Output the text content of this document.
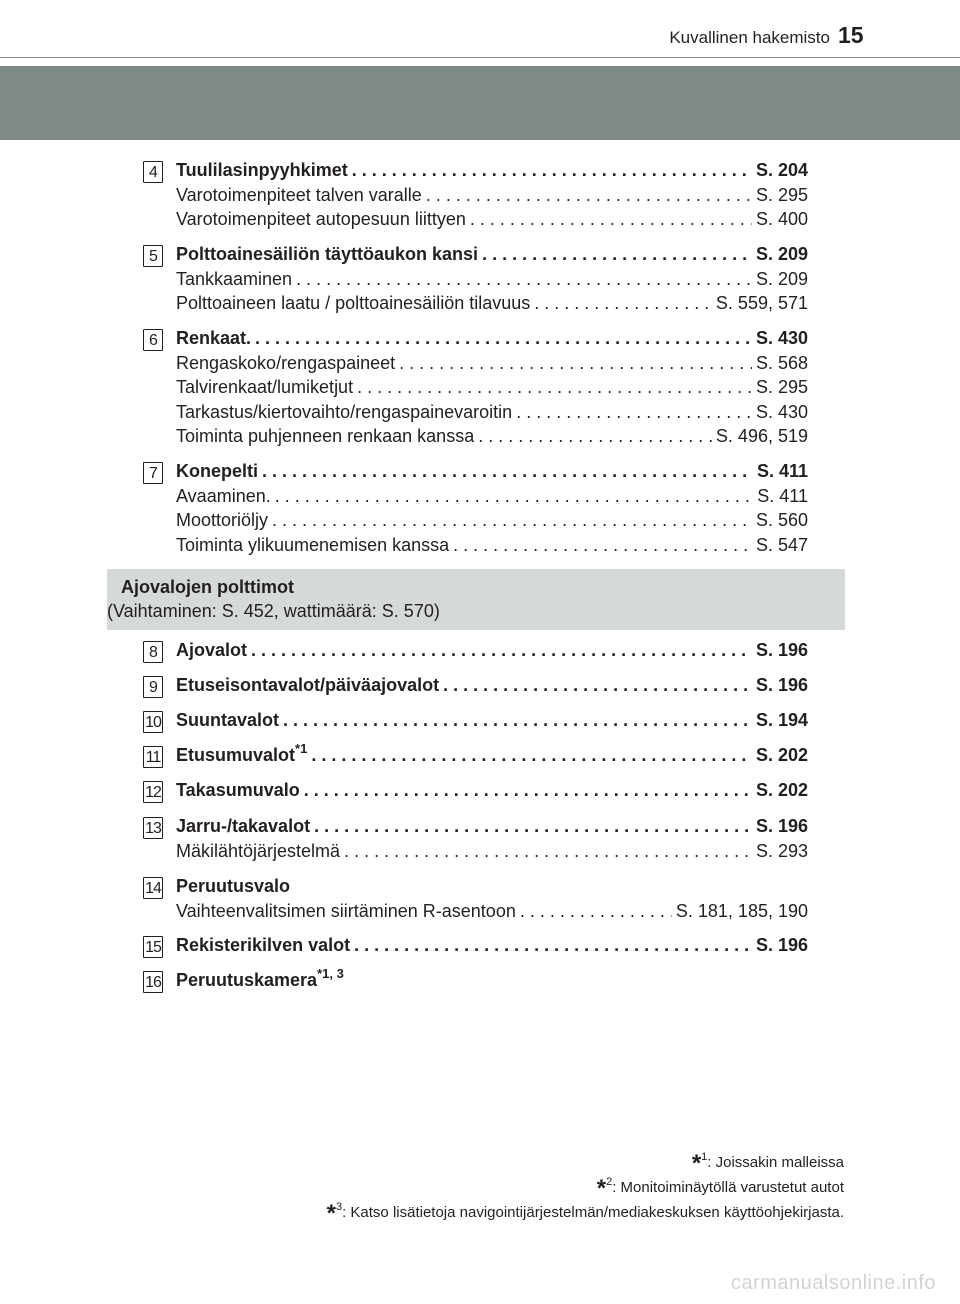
Kuvallinen hakemisto 15
4	Tuulilasinpyyhkimet . . .	S. 204
Varotoimenpiteet talven varalle . . .	S. 295
Varotoimenpiteet autopesuun liittyen . . .	S. 400
5	Polttoainesäiliön täyttöaukon kansi . . .	S. 209
Tankkaaminen . . .	S. 209
Polttoaineen laatu / polttoainesäiliön tilavuus . . .	S. 559, 571
6	Renkaat. . . .	S. 430
Rengaskoko/rengaspaineet . . .	S. 568
Talvirenkaat/lumiketjut . . .	S. 295
Tarkastus/kiertovaihto/rengaspainevaroitin . . .	S. 430
Toiminta puhjenneen renkaan kanssa . . .	S. 496, 519
7	Konepelti . . .	S. 411
Avaaminen. . . .	S. 411
Moottoriöljy . . .	S. 560
Toiminta ylikuumenemisen kanssa . . .	S. 547
8	Ajovalot . . .	S. 196
9	Etuseisontavalot/päiväajovalot . . .	S. 196
10 Suuntavalot . . .	S. 194
11 Etusumuvalot$^{*1}$ . . .	S. 202
12 Takasumuvalo . . .	S. 202
13 Jarru-/takavalot . . .	S. 196
Mäkilähtöjärjestelmä . . .	S. 293
14 Peruutusvalo
Vaihteenvalitsimen siirtäminen R-asentoon . . .	S. 181, 185, 190
15 Rekisterikilven valot . . .	S. 196
16 Peruutuskamera$^{*1, 3}$
Ajovalojen polttimot
(Vaihtaminen: S. 452, wattimäärä: S. 570)
*$^1$: Joissakin malleissa
*$^2$: Monitoiminäytöllä varustetut autot
*$^3$: Katso lisätietoja navigointijärjestelmän/mediakeskuksen käyttöohjekirjasta.
carmanualsonline.info
